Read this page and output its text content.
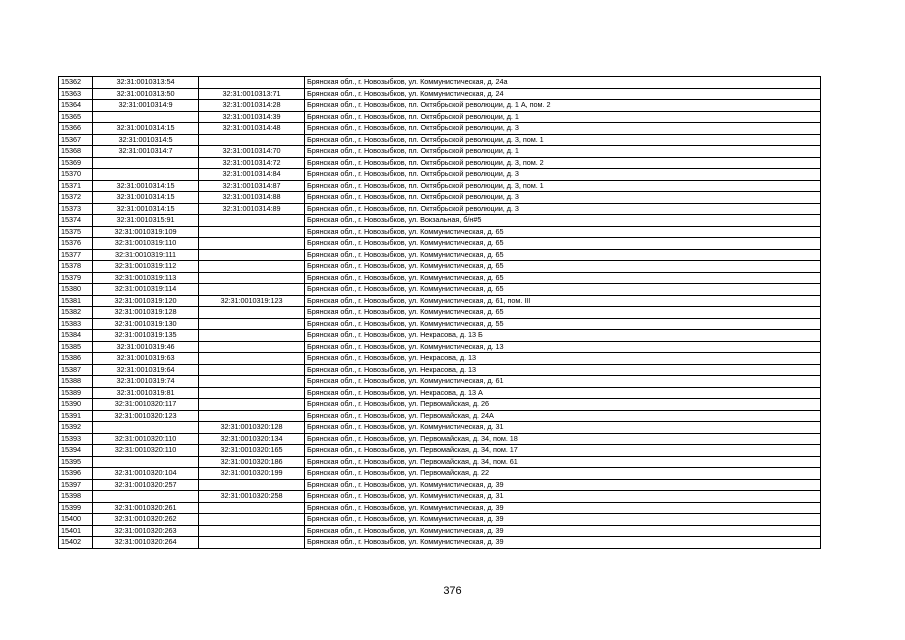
15362	32:31:0010313:54		Брянская обл., г. Новозыбков, ул. Коммунистическая, д. 24а
15363	32:31:0010313:50	32:31:0010313:71	Брянская обл., г. Новозыбков, ул. Коммунистическая, д. 24
15364	32:31:0010314:9	32:31:0010314:28	Брянская обл., г. Новозыбков, пл. Октябрьской революции, д. 1 А, пом. 2
15365		32:31:0010314:39	Брянская обл., г. Новозыбков, пл. Октябрьской революции, д. 1
15366	32:31:0010314:15	32:31:0010314:48	Брянская обл., г. Новозыбков, пл. Октябрьской революции, д. 3
15367	32:31:0010314:5		Брянская обл., г. Новозыбков, пл. Октябрьской революции, д. 3, пом. 1
15368	32:31:0010314:7	32:31:0010314:70	Брянская обл., г. Новозыбков, пл. Октябрьской революции, д. 1
15369		32:31:0010314:72	Брянская обл., г. Новозыбков, пл. Октябрьской революции, д. 3, пом. 2
15370		32:31:0010314:84	Брянская обл., г. Новозыбков, пл. Октябрьской революции, д. 3
15371	32:31:0010314:15	32:31:0010314:87	Брянская обл., г. Новозыбков, пл. Октябрьской революции, д. 3, пом. 1
15372	32:31:0010314:15	32:31:0010314:88	Брянская обл., г. Новозыбков, пл. Октябрьской революции, д. 3
15373	32:31:0010314:15	32:31:0010314:89	Брянская обл., г. Новозыбков, пл. Октябрьской революции, д. 3
15374	32:31:0010315:91		Брянская обл., г. Новозыбков, ул. Вокзальная, б/н#5
15375	32:31:0010319:109		Брянская обл., г. Новозыбков, ул. Коммунистическая, д. 65
15376	32:31:0010319:110		Брянская обл., г. Новозыбков, ул. Коммунистическая, д. 65
15377	32:31:0010319:111		Брянская обл., г. Новозыбков, ул. Коммунистическая, д. 65
15378	32:31:0010319:112		Брянская обл., г. Новозыбков, ул. Коммунистическая, д. 65
15379	32:31:0010319:113		Брянская обл., г. Новозыбков, ул. Коммунистическая, д. 65
15380	32:31:0010319:114		Брянская обл., г. Новозыбков, ул. Коммунистическая, д. 65
15381	32:31:0010319:120	32:31:0010319:123	Брянская обл., г. Новозыбков, ул. Коммунистическая, д. 61, пом. III
15382	32:31:0010319:128		Брянская обл., г. Новозыбков, ул. Коммунистическая, д. 65
15383	32:31:0010319:130		Брянская обл., г. Новозыбков, ул. Коммунистическая, д. 55
15384	32:31:0010319:135		Брянская обл., г. Новозыбков, ул. Некрасова, д. 13 Б
15385	32:31:0010319:46		Брянская обл., г. Новозыбков, ул. Коммунистическая, д. 13
15386	32:31:0010319:63		Брянская обл., г. Новозыбков, ул. Некрасова, д. 13
15387	32:31:0010319:64		Брянская обл., г. Новозыбков, ул. Некрасова, д. 13
15388	32:31:0010319:74		Брянская обл., г. Новозыбков, ул. Коммунистическая, д. 61
15389	32:31:0010319:81		Брянская обл., г. Новозыбков, ул. Некрасова, д. 13 А
15390	32:31:0010320:117		Брянская обл., г. Новозыбков, ул. Первомайская, д. 26
15391	32:31:0010320:123		Брянская обл., г. Новозыбков, ул. Первомайская, д. 24А
15392		32:31:0010320:128	Брянская обл., г. Новозыбков, ул. Коммунистическая, д. 31
15393	32:31:0010320:110	32:31:0010320:134	Брянская обл., г. Новозыбков, ул. Первомайская, д. 34, пом. 18
15394	32:31:0010320:110	32:31:0010320:165	Брянская обл., г. Новозыбков, ул. Первомайская, д. 34, пом. 17
15395		32:31:0010320:186	Брянская обл., г. Новозыбков, ул. Первомайская, д. 34, пом. 61
15396	32:31:0010320:104	32:31:0010320:199	Брянская обл., г. Новозыбков, ул. Первомайская, д. 22
15397	32:31:0010320:257		Брянская обл., г. Новозыбков, ул. Коммунистическая, д. 39
15398		32:31:0010320:258	Брянская обл., г. Новозыбков, ул. Коммунистическая, д. 31
15399	32:31:0010320:261		Брянская обл., г. Новозыбков, ул. Коммунистическая, д. 39
15400	32:31:0010320:262		Брянская обл., г. Новозыбков, ул. Коммунистическая, д. 39
15401	32:31:0010320:263		Брянская обл., г. Новозыбков, ул. Коммунистическая, д. 39
15402	32:31:0010320:264		Брянская обл., г. Новозыбков, ул. Коммунистическая, д. 39
376
